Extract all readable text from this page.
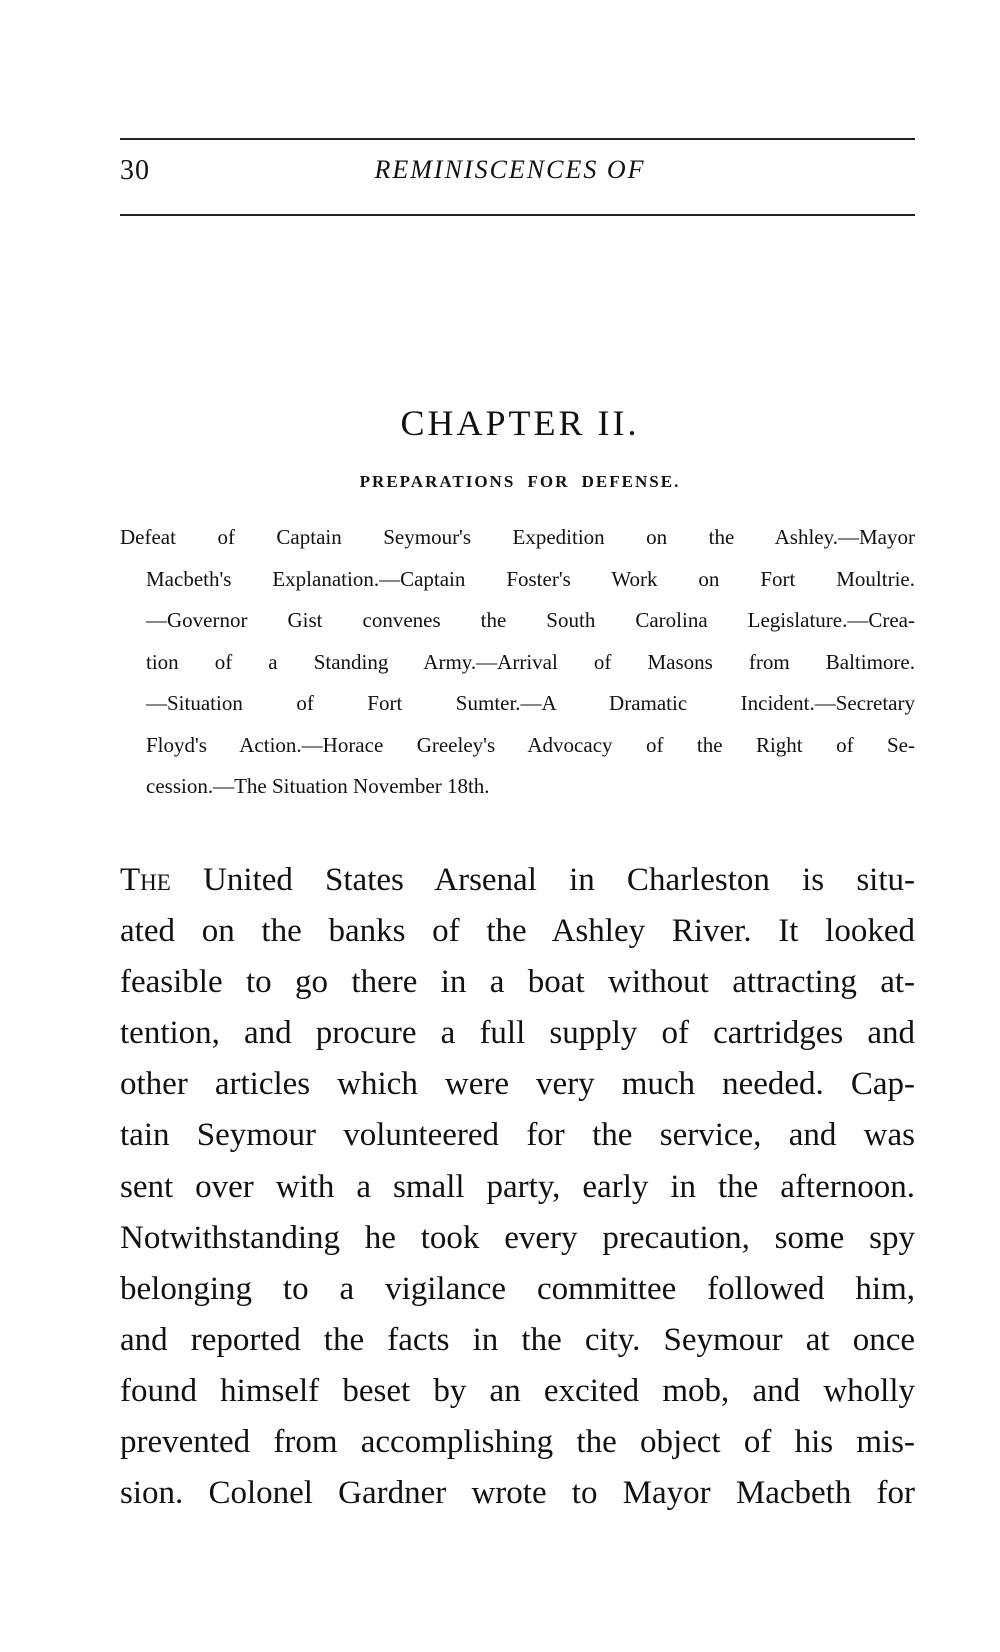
30	REMINISCENCES OF
CHAPTER II.
PREPARATIONS FOR DEFENSE.
Defeat of Captain Seymour's Expedition on the Ashley.—Mayor
Macbeth's Explanation.—Captain Foster's Work on Fort Moultrie.
—Governor Gist convenes the South Carolina Legislature.—Crea-
tion of a Standing Army.—Arrival of Masons from Baltimore.
—Situation of Fort Sumter.—A Dramatic Incident.—Secretary
Floyd's Action.—Horace Greeley's Advocacy of the Right of Se-
cession.—The Situation November 18th.
The United States Arsenal in Charleston is situ-
ated on the banks of the Ashley River. It looked
feasible to go there in a boat without attracting at-
tention, and procure a full supply of cartridges and
other articles which were very much needed. Cap-
tain Seymour volunteered for the service, and was
sent over with a small party, early in the afternoon.
Notwithstanding he took every precaution, some spy
belonging to a vigilance committee followed him,
and reported the facts in the city. Seymour at once
found himself beset by an excited mob, and wholly
prevented from accomplishing the object of his mis-
sion. Colonel Gardner wrote to Mayor Macbeth for
